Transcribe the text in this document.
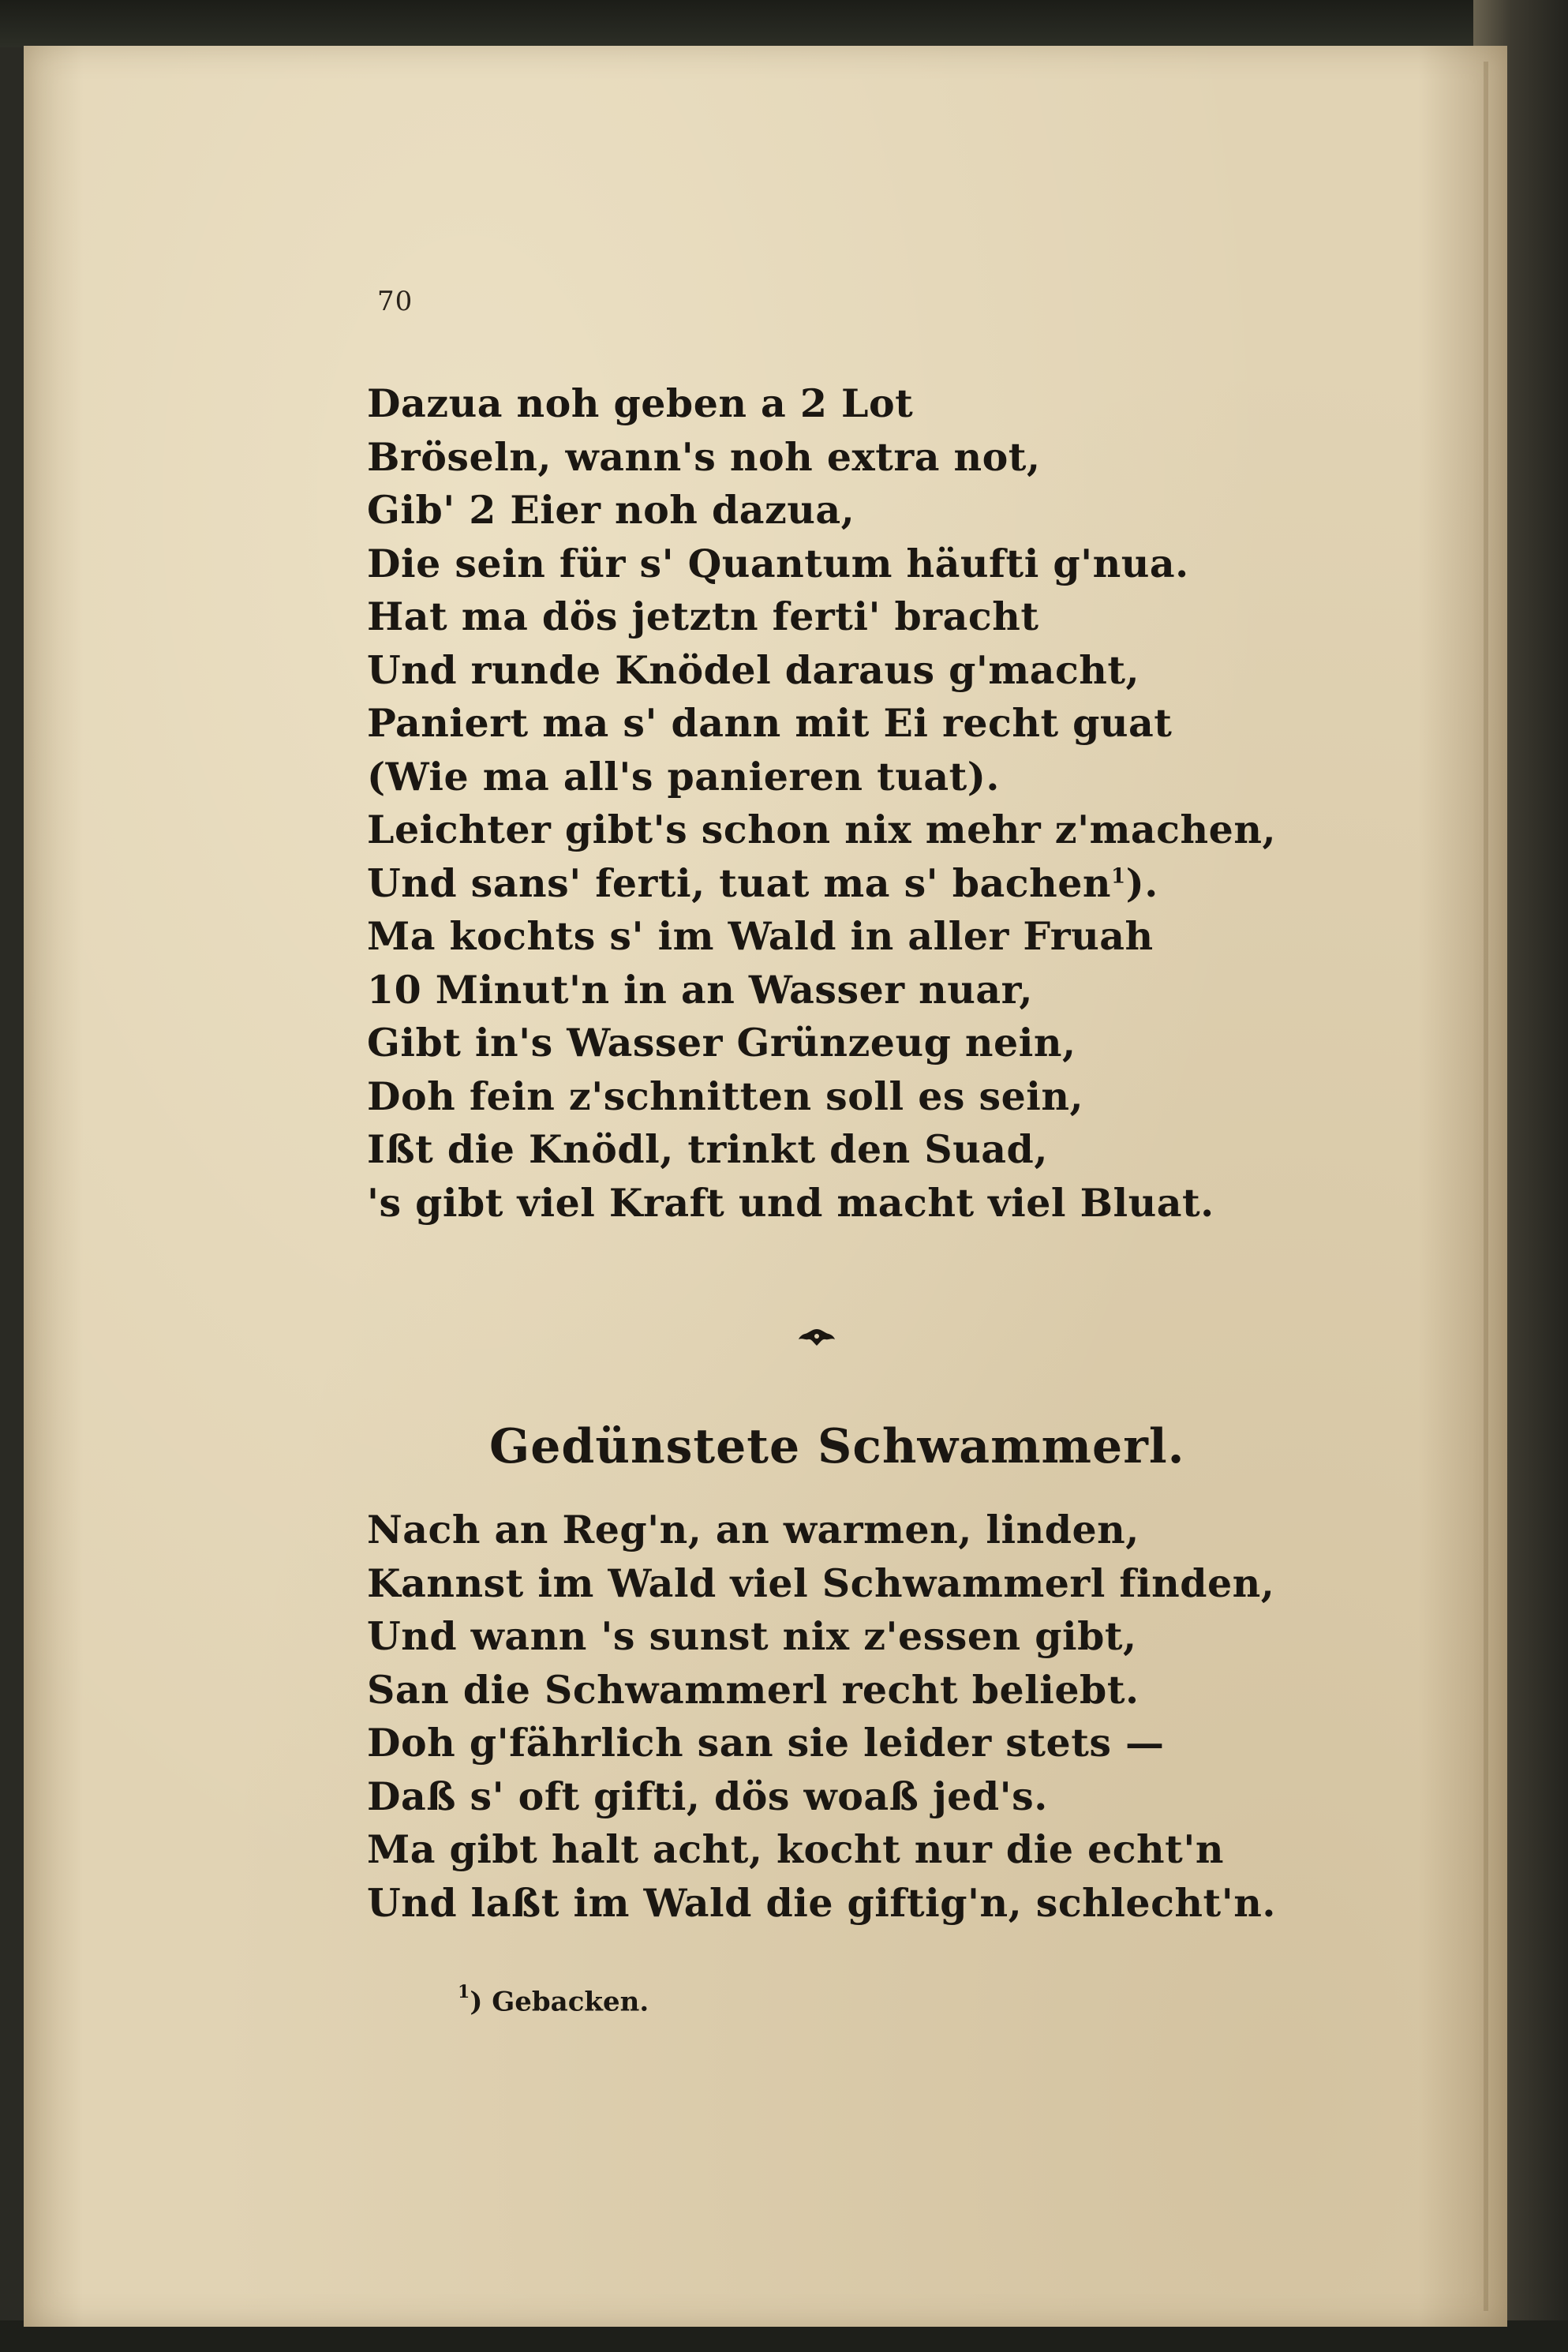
70
Dazua noh geben a 2 Lot
Bröseln, wann's noh extra not,
Gib' 2 Eier noh dazua,
Die sein für s' Quantum häufti g'nua.
Hat ma dös jetztn ferti' bracht
Und runde Knödel daraus g'macht,
Paniert ma s' dann mit Ei recht guat
(Wie ma all's panieren tuat).
Leichter gibt's schon nix mehr z'machen,
Und sans' ferti, tuat ma s' bachen$^1$).
Ma kochts s' im Wald in aller Fruah
10 Minut'n in an Wasser nuar,
Gibt in's Wasser Grünzeug nein,
Doh fein z'schnitten soll es sein,
Ißt die Knödl, trinkt den Suad,
's gibt viel Kraft und macht viel Bluat.
Gedünstete Schwammerl.
Nach an Reg'n, an warmen, linden,
Kannst im Wald viel Schwammerl finden,
Und wann 's sunst nix z'essen gibt,
San die Schwammerl recht beliebt.
Doh g'fährlich san sie leider stets —
Daß s' oft gifti, dös woaß jed's.
Ma gibt halt acht, kocht nur die echt'n
Und laßt im Wald die giftig'n, schlecht'n.
$^1$) Gebacken.
